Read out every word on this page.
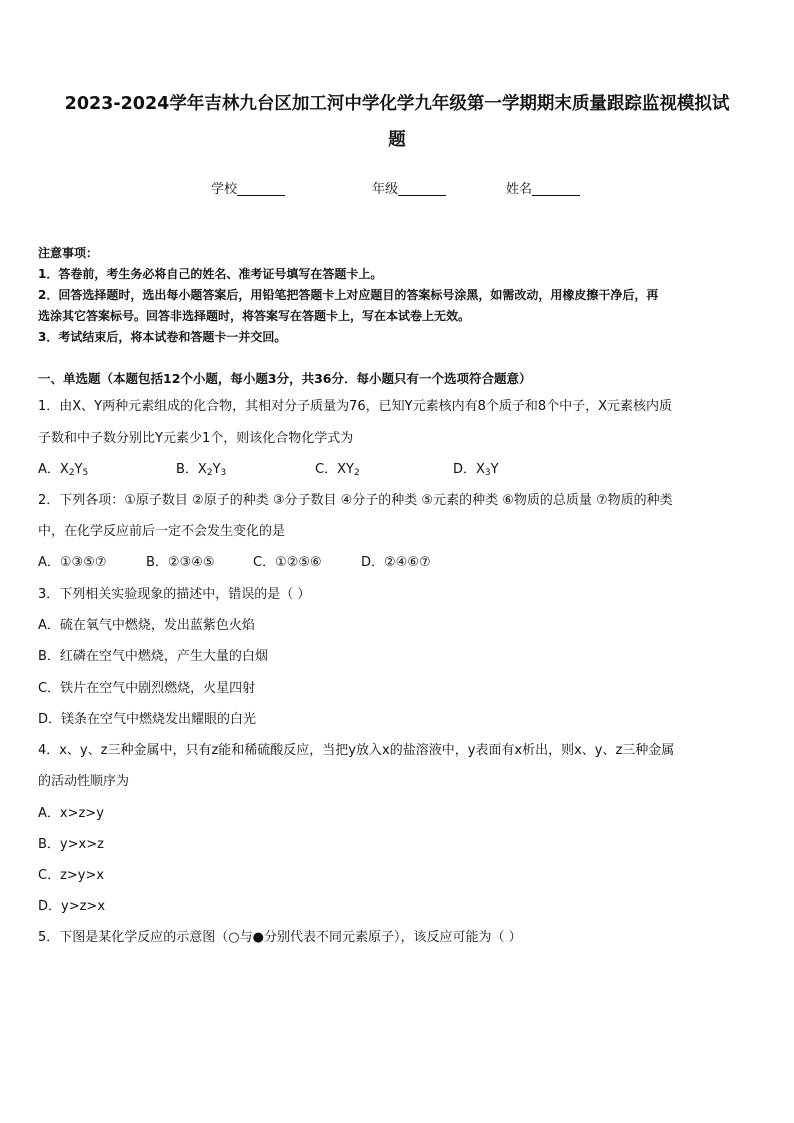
2023-2024学年吉林九台区加工河中学化学九年级第一学期期末质量跟踪监视模拟试
题
学校	年级	姓名
注意事项：
1．答卷前，考生务必将自己的姓名、准考证号填写在答题卡上。
2．回答选择题时，选出每小题答案后，用铅笔把答题卡上对应题目的答案标号涂黑，如需改动，用橡皮擦干净后，再
选涂其它答案标号。回答非选择题时，将答案写在答题卡上，写在本试卷上无效。
3．考试结束后，将本试卷和答题卡一并交回。
一、单选题（本题包括12个小题，每小题3分，共36分．每小题只有一个选项符合题意）
1．由X、Y两种元素组成的化合物，其相对分子质量为76，已知Y元素核内有8个质子和8个中子，X元素核内质
子数和中子数分别比Y元素少1个，则该化合物化学式为
A．$X_2Y_5$	B．$X_2Y_3$	C．$XY_2$	D．$X_3Y$
2．下列各项：①原子数目 ②原子的种类 ③分子数目 ④分子的种类 ⑤元素的种类 ⑥物质的总质量 ⑦物质的种类
中，在化学反应前后一定不会发生变化的是
A．①③⑤⑦	B．②③④⑤	C．①②⑤⑥	D．②④⑥⑦
3．下列相关实验现象的描述中，错误的是（ ）
A．硫在氧气中燃烧，发出蓝紫色火焰
B．红磷在空气中燃烧，产生大量的白烟
C．铁片在空气中剧烈燃烧，火星四射
D．镁条在空气中燃烧发出耀眼的白光
4．x、y、z三种金属中，只有z能和稀硫酸反应，当把y放入x的盐溶液中，y表面有x析出，则x、y、z三种金属
的活动性顺序为
A．x>z>y
B．y>x>z
C．z>y>x
D．y>z>x
5．下图是某化学反应的示意图（○与●分别代表不同元素原子），该反应可能为（ ）
